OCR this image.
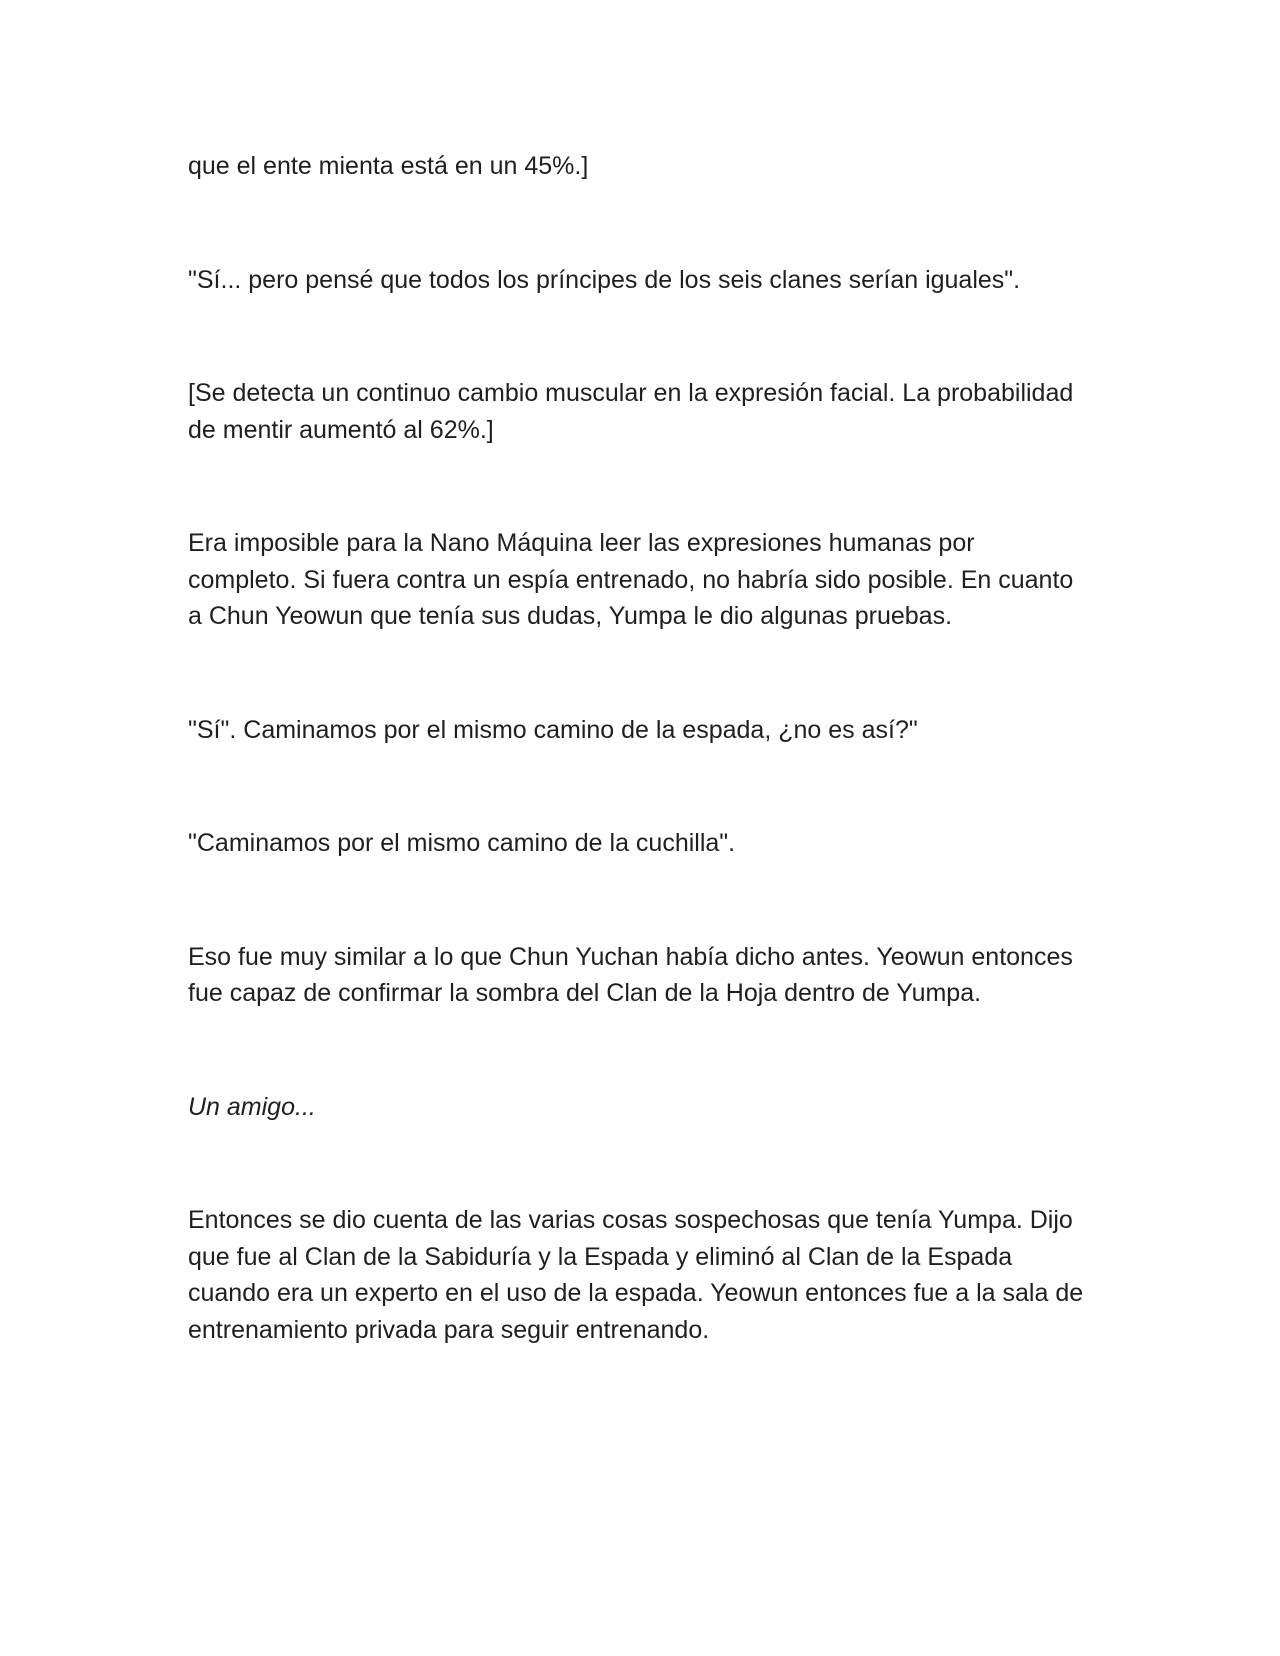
que el ente mienta está en un 45%.]

"Sí... pero pensé que todos los príncipes de los seis clanes serían iguales".

[Se detecta un continuo cambio muscular en la expresión facial. La probabilidad de mentir aumentó al 62%.]

Era imposible para la Nano Máquina leer las expresiones humanas por completo. Si fuera contra un espía entrenado, no habría sido posible. En cuanto a Chun Yeowun que tenía sus dudas, Yumpa le dio algunas pruebas.

"Sí". Caminamos por el mismo camino de la espada, ¿no es así?"

"Caminamos por el mismo camino de la cuchilla".

Eso fue muy similar a lo que Chun Yuchan había dicho antes. Yeowun entonces fue capaz de confirmar la sombra del Clan de la Hoja dentro de Yumpa.

Un amigo...

Entonces se dio cuenta de las varias cosas sospechosas que tenía Yumpa. Dijo que fue al Clan de la Sabiduría y la Espada y eliminó al Clan de la Espada cuando era un experto en el uso de la espada. Yeowun entonces fue a la sala de entrenamiento privada para seguir entrenando.
